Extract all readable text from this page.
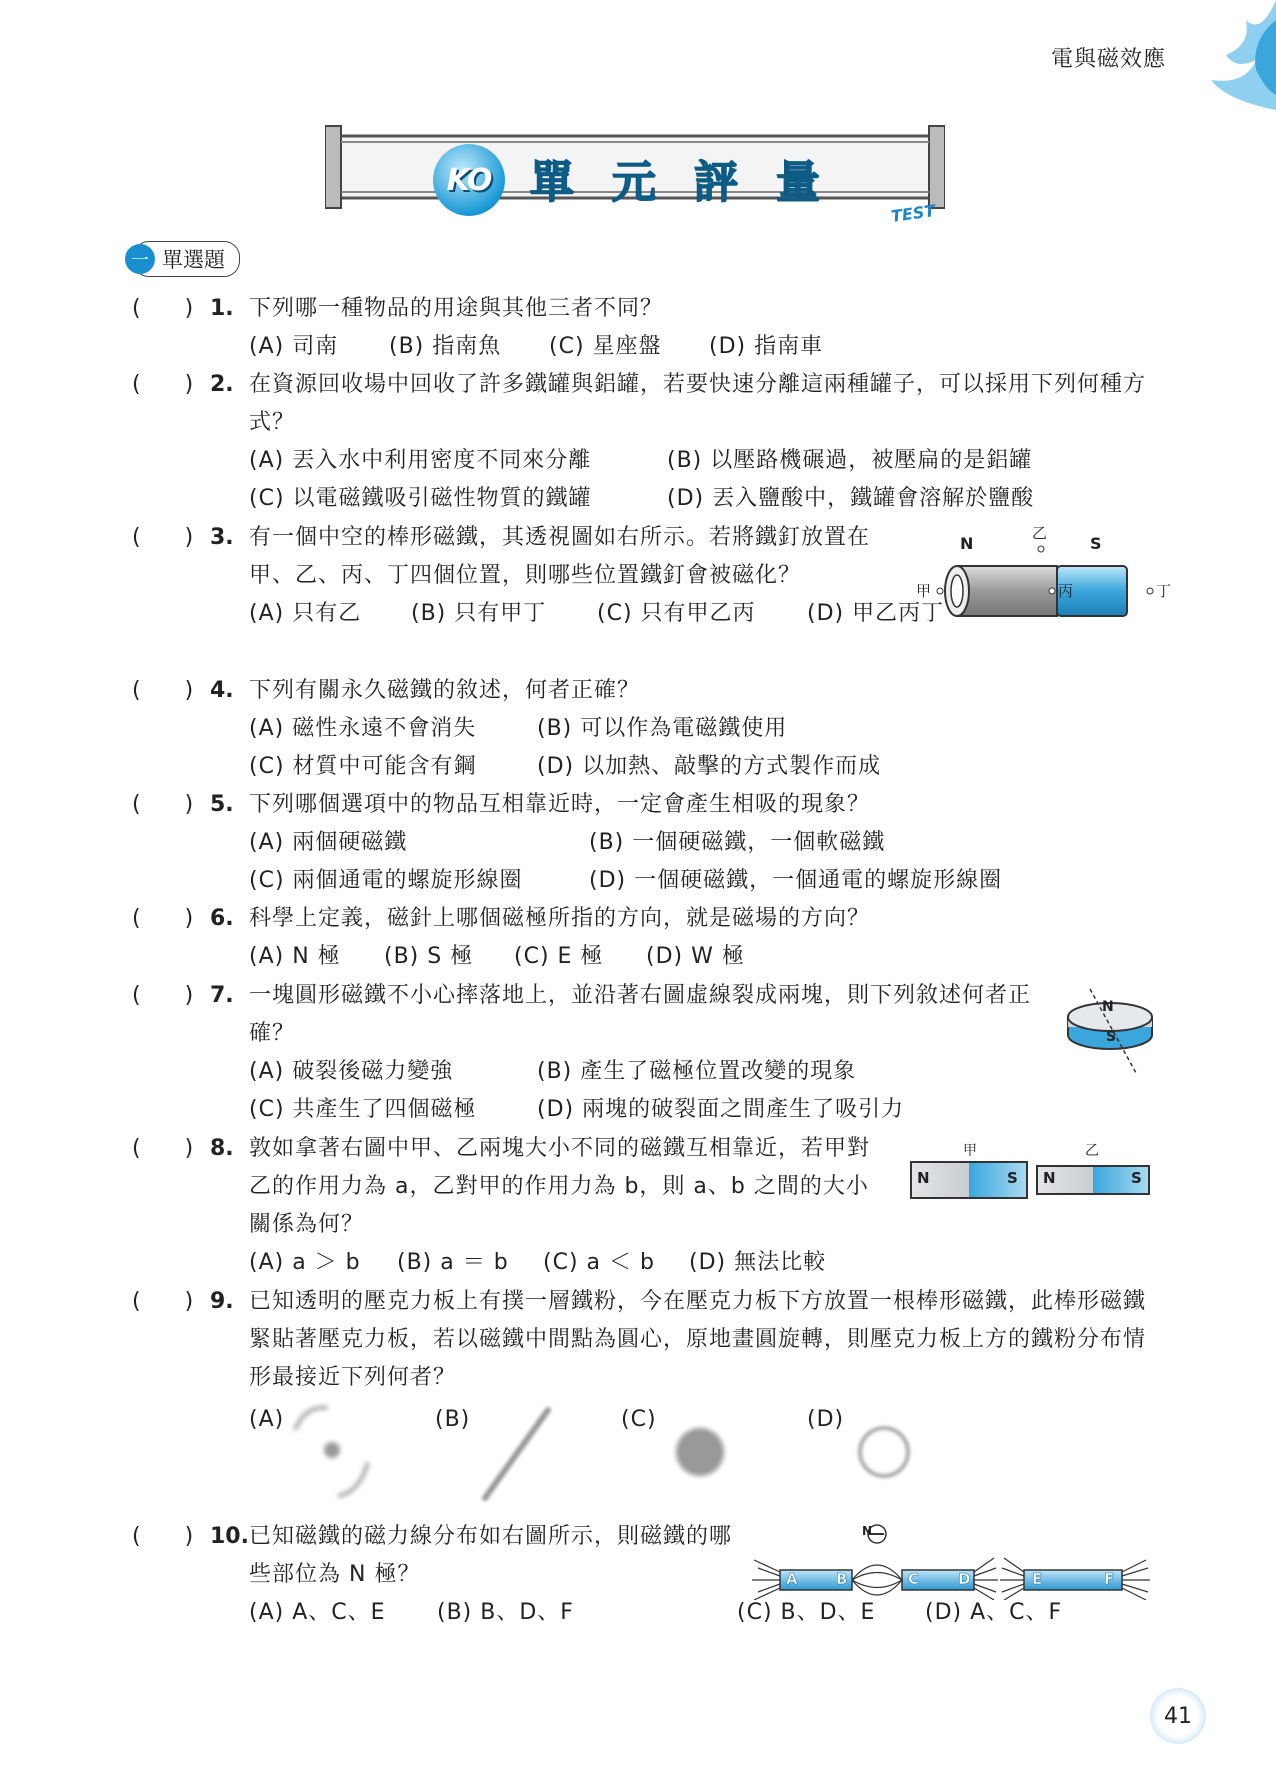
電與磁效應
KO 單元評量
TEST
一 單選題
(　　) 1. 下列哪一種物品的用途與其他三者不同？
(A) 司南	(B) 指南魚	(C) 星座盤	(D) 指南車
(　　) 2. 在資源回收場中回收了許多鐵罐與鋁罐，若要快速分離這兩種罐子，可以採用下列何種方式？
(A) 丟入水中利用密度不同來分離	(B) 以壓路機碾過，被壓扁的是鋁罐
(C) 以電磁鐵吸引磁性物質的鐵罐	(D) 丟入鹽酸中，鐵罐會溶解於鹽酸
(　　) 3. 有一個中空的棒形磁鐵，其透視圖如右所示。若將鐵釘放置在甲、乙、丙、丁四個位置，則哪些位置鐵釘會被磁化？
(A) 只有乙	(B) 只有甲丁	(C) 只有甲乙丙	(D) 甲乙丙丁
N	S
乙
甲	丙	丁
(　　) 4. 下列有關永久磁鐵的敘述，何者正確？
(A) 磁性永遠不會消失	(B) 可以作為電磁鐵使用
(C) 材質中可能含有鋼	(D) 以加熱、敲擊的方式製作而成
(　　) 5. 下列哪個選項中的物品互相靠近時，一定會產生相吸的現象？
(A) 兩個硬磁鐵	(B) 一個硬磁鐵，一個軟磁鐵
(C) 兩個通電的螺旋形線圈	(D) 一個硬磁鐵，一個通電的螺旋形線圈
(　　) 6. 科學上定義，磁針上哪個磁極所指的方向，就是磁場的方向？
(A) N 極	(B) S 極	(C) E 極	(D) W 極
(　　) 7. 一塊圓形磁鐵不小心摔落地上，並沿著右圖虛線裂成兩塊，則下列敘述何者正確？
(A) 破裂後磁力變強	(B) 產生了磁極位置改變的現象
(C) 共產生了四個磁極	(D) 兩塊的破裂面之間產生了吸引力
N
S
(　　) 8. 敦如拿著右圖中甲、乙兩塊大小不同的磁鐵互相靠近，若甲對乙的作用力為 a，乙對甲的作用力為 b，則 a、b 之間的大小關係為何？
(A) a ＞ b	(B) a ＝ b	(C) a ＜ b	(D) 無法比較
甲	乙
N	S N	S
(　　) 9. 已知透明的壓克力板上有撲一層鐵粉，今在壓克力板下方放置一根棒形磁鐵，此棒形磁鐵緊貼著壓克力板，若以磁鐵中間點為圓心，原地畫圓旋轉，則壓克力板上方的鐵粉分布情形最接近下列何者？
(A)	(B)	(C)	(D)
(　　) 10. 已知磁鐵的磁力線分布如右圖所示，則磁鐵的哪些部位為 N 極？
(A) A、C、E	(B) B、D、F	(C) B、D、E	(D) A、C、F
N
A	B	C	D	E	F
41
